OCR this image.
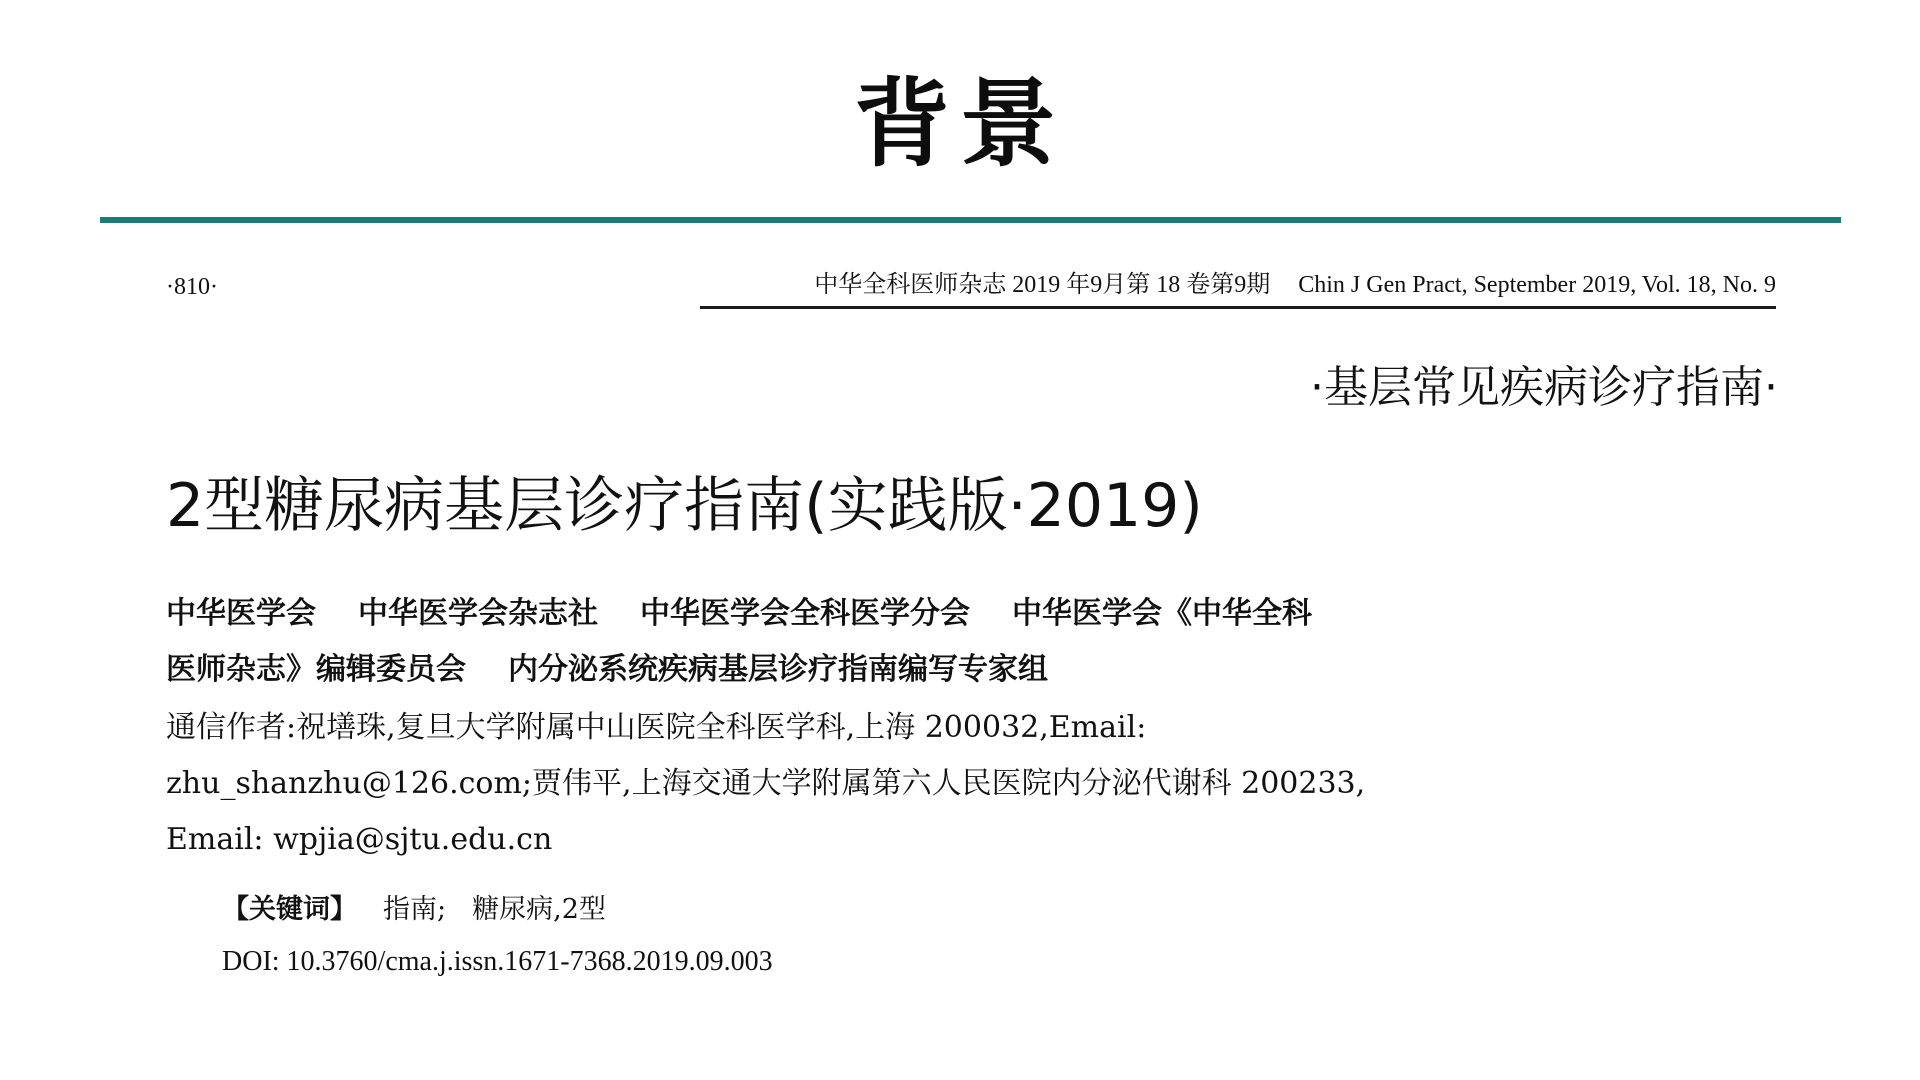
背景
·810·	中华全科医师杂志 2019 年9月第 18 卷第9期 Chin J Gen Pract, September 2019, Vol. 18, No. 9
·基层常见疾病诊疗指南·
2型糖尿病基层诊疗指南(实践版·2019)
中华医学会 中华医学会杂志社 中华医学会全科医学分会 中华医学会《中华全科
医师杂志》编辑委员会 内分泌系统疾病基层诊疗指南编写专家组
通信作者:祝墡珠,复旦大学附属中山医院全科医学科,上海 200032,Email:
zhu_shanzhu@126.com;贾伟平,上海交通大学附属第六人民医院内分泌代谢科 200233,
Email: wpjia@sjtu.edu.cn
【关键词】 指南; 糖尿病,2型
DOI: 10.3760/cma.j.issn.1671-7368.2019.09.003
